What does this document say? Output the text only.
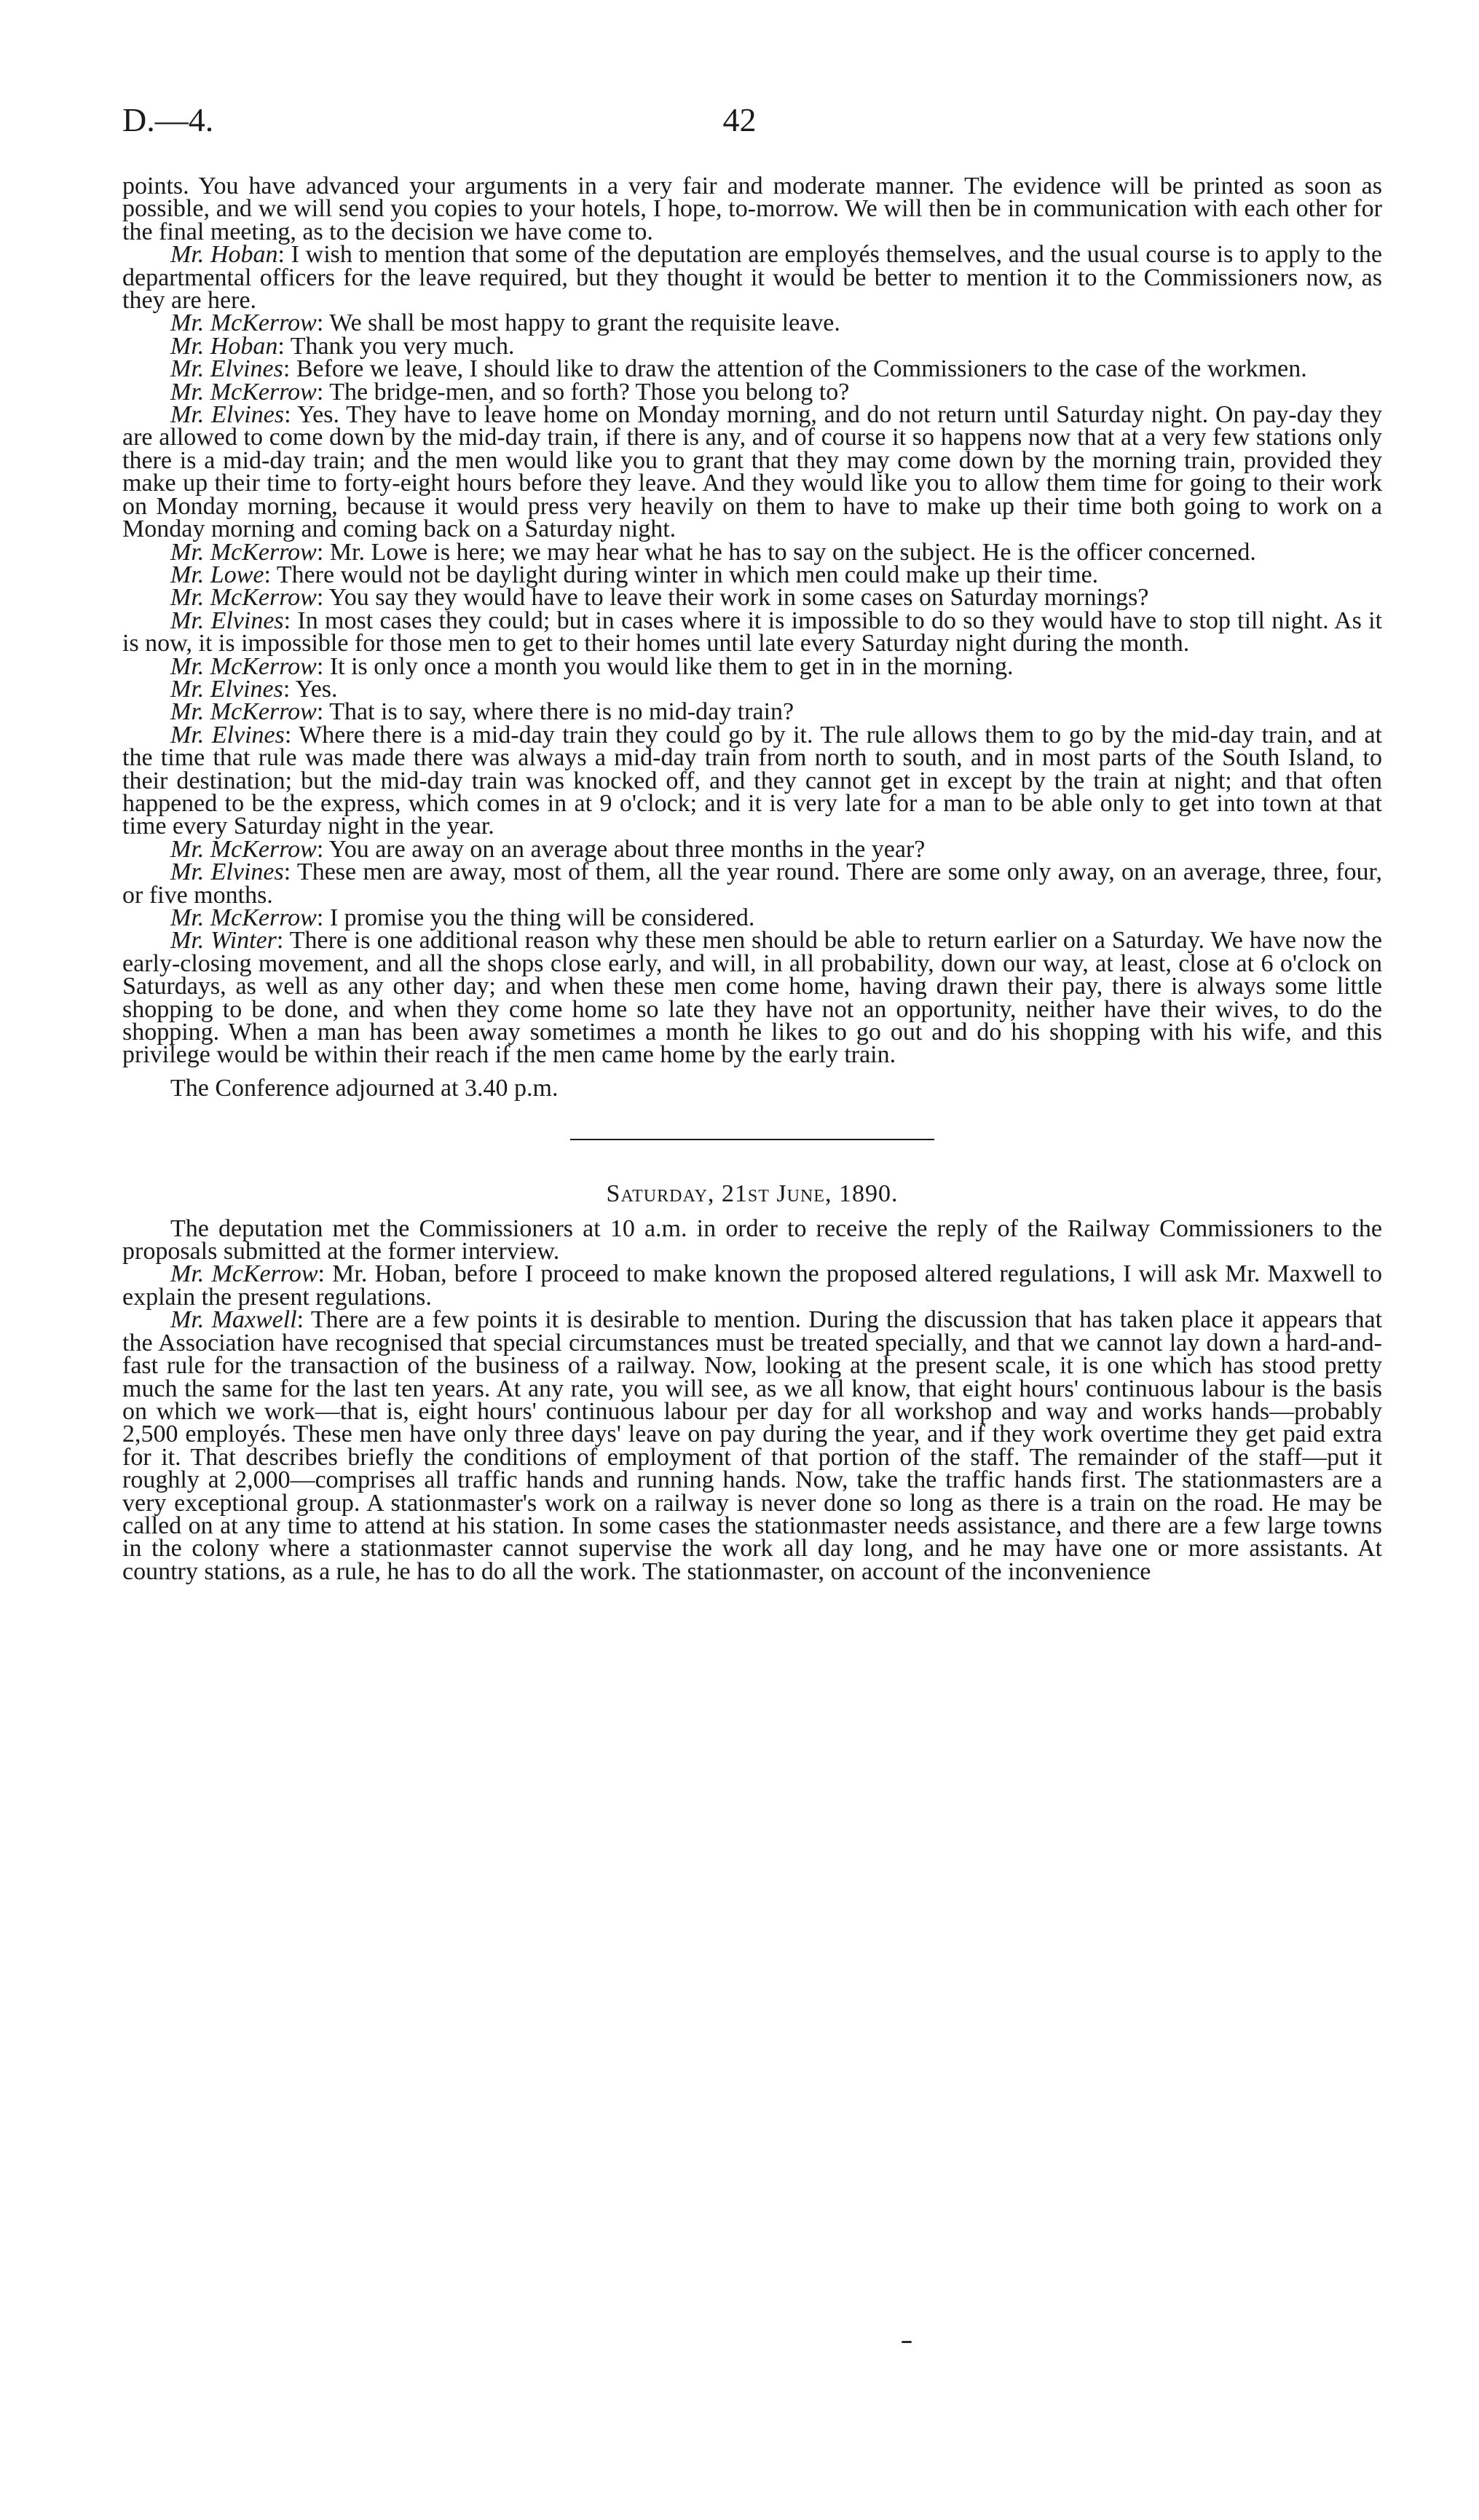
D.—4.	42

points. You have advanced your arguments in a very fair and moderate manner. The evidence will be printed as soon as possible, and we will send you copies to your hotels, I hope, to-morrow. We will then be in communication with each other for the final meeting, as to the decision we have come to.

Mr. Hoban: I wish to mention that some of the deputation are employés themselves, and the usual course is to apply to the departmental officers for the leave required, but they thought it would be better to mention it to the Commissioners now, as they are here.

Mr. McKerrow: We shall be most happy to grant the requisite leave.

Mr. Hoban: Thank you very much.

Mr. Elvines: Before we leave, I should like to draw the attention of the Commissioners to the case of the workmen.

Mr. McKerrow: The bridge-men, and so forth? Those you belong to?

Mr. Elvines: Yes. They have to leave home on Monday morning, and do not return until Saturday night. On pay-day they are allowed to come down by the mid-day train, if there is any, and of course it so happens now that at a very few stations only there is a mid-day train; and the men would like you to grant that they may come down by the morning train, provided they make up their time to forty-eight hours before they leave. And they would like you to allow them time for going to their work on Monday morning, because it would press very heavily on them to have to make up their time both going to work on a Monday morning and coming back on a Saturday night.

Mr. McKerrow: Mr. Lowe is here; we may hear what he has to say on the subject. He is the officer concerned.

Mr. Lowe: There would not be daylight during winter in which men could make up their time.

Mr. McKerrow: You say they would have to leave their work in some cases on Saturday mornings?

Mr. Elvines: In most cases they could; but in cases where it is impossible to do so they would have to stop till night. As it is now, it is impossible for those men to get to their homes until late every Saturday night during the month.

Mr. McKerrow: It is only once a month you would like them to get in in the morning.

Mr. Elvines: Yes.

Mr. McKerrow: That is to say, where there is no mid-day train?

Mr. Elvines: Where there is a mid-day train they could go by it. The rule allows them to go by the mid-day train, and at the time that rule was made there was always a mid-day train from north to south, and in most parts of the South Island, to their destination; but the mid-day train was knocked off, and they cannot get in except by the train at night; and that often happened to be the express, which comes in at 9 o'clock; and it is very late for a man to be able only to get into town at that time every Saturday night in the year.

Mr. McKerrow: You are away on an average about three months in the year?

Mr. Elvines: These men are away, most of them, all the year round. There are some only away, on an average, three, four, or five months.

Mr. McKerrow: I promise you the thing will be considered.

Mr. Winter: There is one additional reason why these men should be able to return earlier on a Saturday. We have now the early-closing movement, and all the shops close early, and will, in all probability, down our way, at least, close at 6 o'clock on Saturdays, as well as any other day; and when these men come home, having drawn their pay, there is always some little shopping to be done, and when they come home so late they have not an opportunity, neither have their wives, to do the shopping. When a man has been away sometimes a month he likes to go out and do his shopping with his wife, and this privilege would be within their reach if the men came home by the early train.

The Conference adjourned at 3.40 p.m.

Saturday, 21st June, 1890.

The deputation met the Commissioners at 10 a.m. in order to receive the reply of the Railway Commissioners to the proposals submitted at the former interview.

Mr. McKerrow: Mr. Hoban, before I proceed to make known the proposed altered regulations, I will ask Mr. Maxwell to explain the present regulations.

Mr. Maxwell: There are a few points it is desirable to mention. During the discussion that has taken place it appears that the Association have recognised that special circumstances must be treated specially, and that we cannot lay down a hard-and-fast rule for the transaction of the business of a railway. Now, looking at the present scale, it is one which has stood pretty much the same for the last ten years. At any rate, you will see, as we all know, that eight hours' continuous labour is the basis on which we work—that is, eight hours' continuous labour per day for all workshop and way and works hands—probably 2,500 employés. These men have only three days' leave on pay during the year, and if they work overtime they get paid extra for it. That describes briefly the conditions of employment of that portion of the staff. The remainder of the staff—put it roughly at 2,000—comprises all traffic hands and running hands. Now, take the traffic hands first. The stationmasters are a very exceptional group. A stationmaster's work on a railway is never done so long as there is a train on the road. He may be called on at any time to attend at his station. In some cases the stationmaster needs assistance, and there are a few large towns in the colony where a stationmaster cannot supervise the work all day long, and he may have one or more assistants. At country stations, as a rule, he has to do all the work. The stationmaster, on account of the inconvenience
